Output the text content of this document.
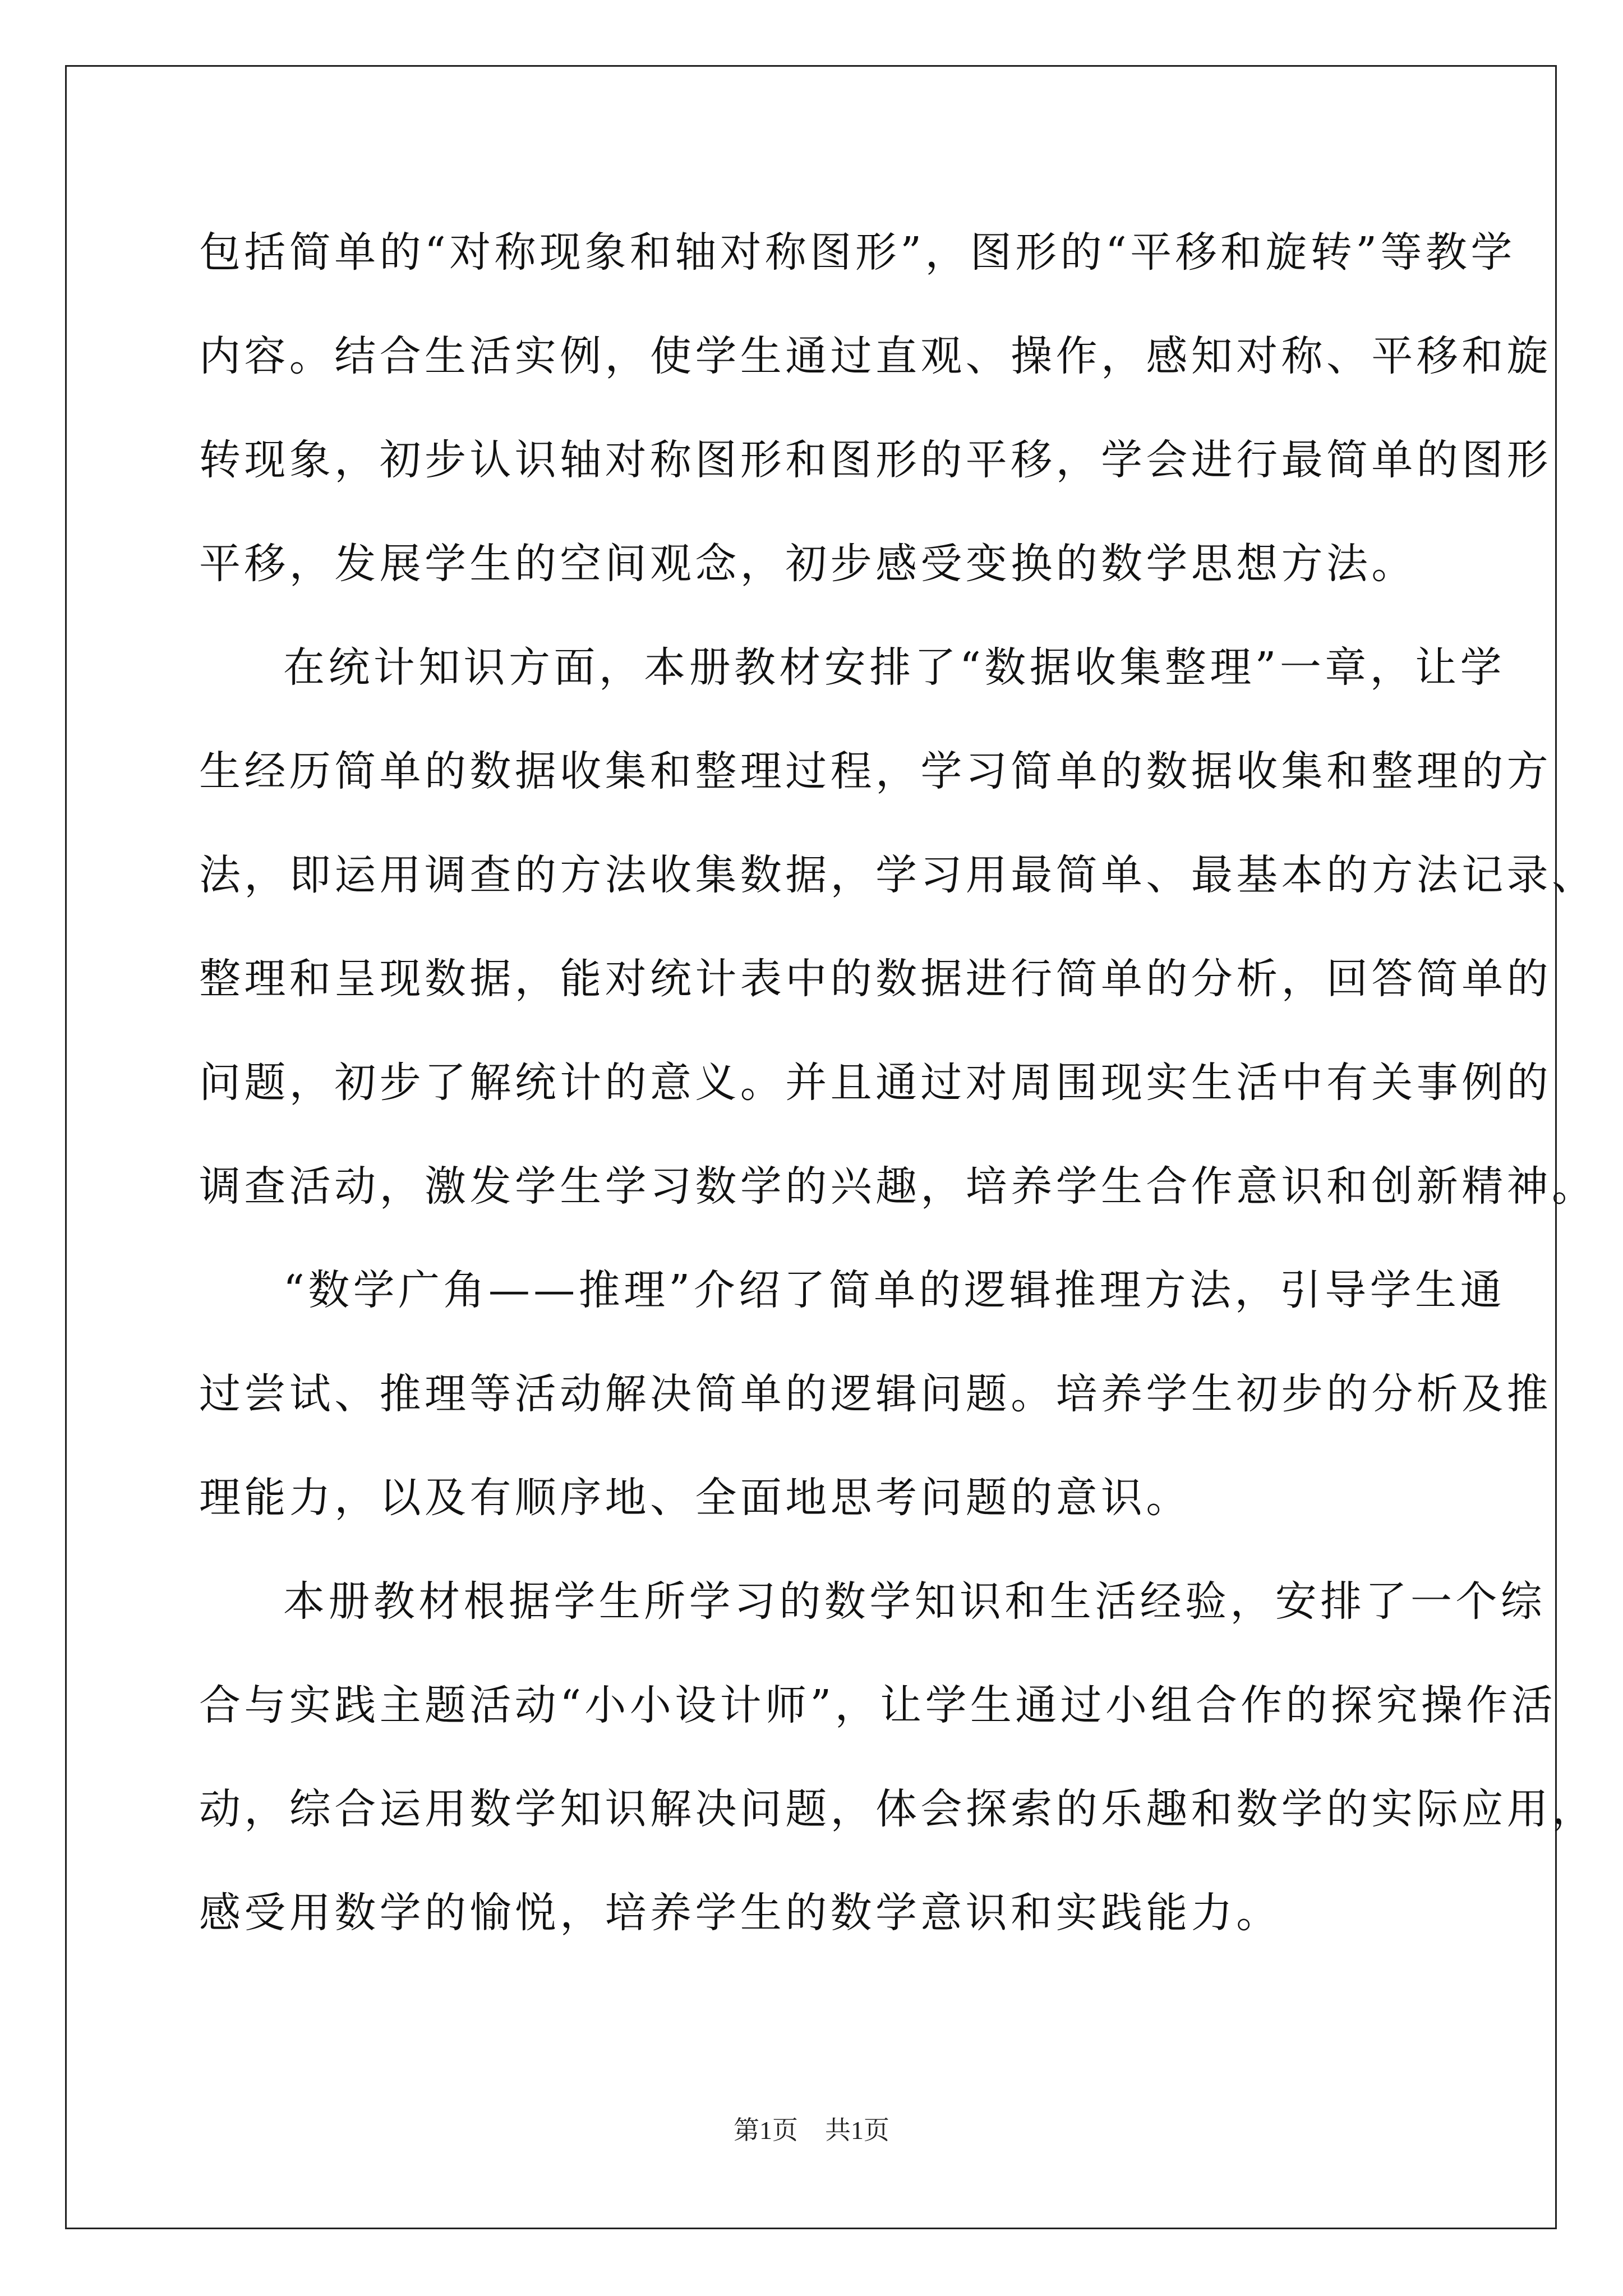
包括简单的“对称现象和轴对称图形”，图形的“平移和旋转”等教学
内容。结合生活实例，使学生通过直观、操作，感知对称、平移和旋
转现象，初步认识轴对称图形和图形的平移，学会进行最简单的图形
平移，发展学生的空间观念，初步感受变换的数学思想方法。
在统计知识方面，本册教材安排了“数据收集整理”一章，让学
生经历简单的数据收集和整理过程，学习简单的数据收集和整理的方
法，即运用调查的方法收集数据，学习用最简单、最基本的方法记录、
整理和呈现数据，能对统计表中的数据进行简单的分析，回答简单的
问题，初步了解统计的意义。并且通过对周围现实生活中有关事例的
调查活动，激发学生学习数学的兴趣，培养学生合作意识和创新精神。
“数学广角——推理”介绍了简单的逻辑推理方法，引导学生通
过尝试、推理等活动解决简单的逻辑问题。培养学生初步的分析及推
理能力，以及有顺序地、全面地思考问题的意识。
本册教材根据学生所学习的数学知识和生活经验，安排了一个综
合与实践主题活动“小小设计师”，让学生通过小组合作的探究操作活
动，综合运用数学知识解决问题，体会探索的乐趣和数学的实际应用，
感受用数学的愉悦，培养学生的数学意识和实践能力。
第1页 共1页
